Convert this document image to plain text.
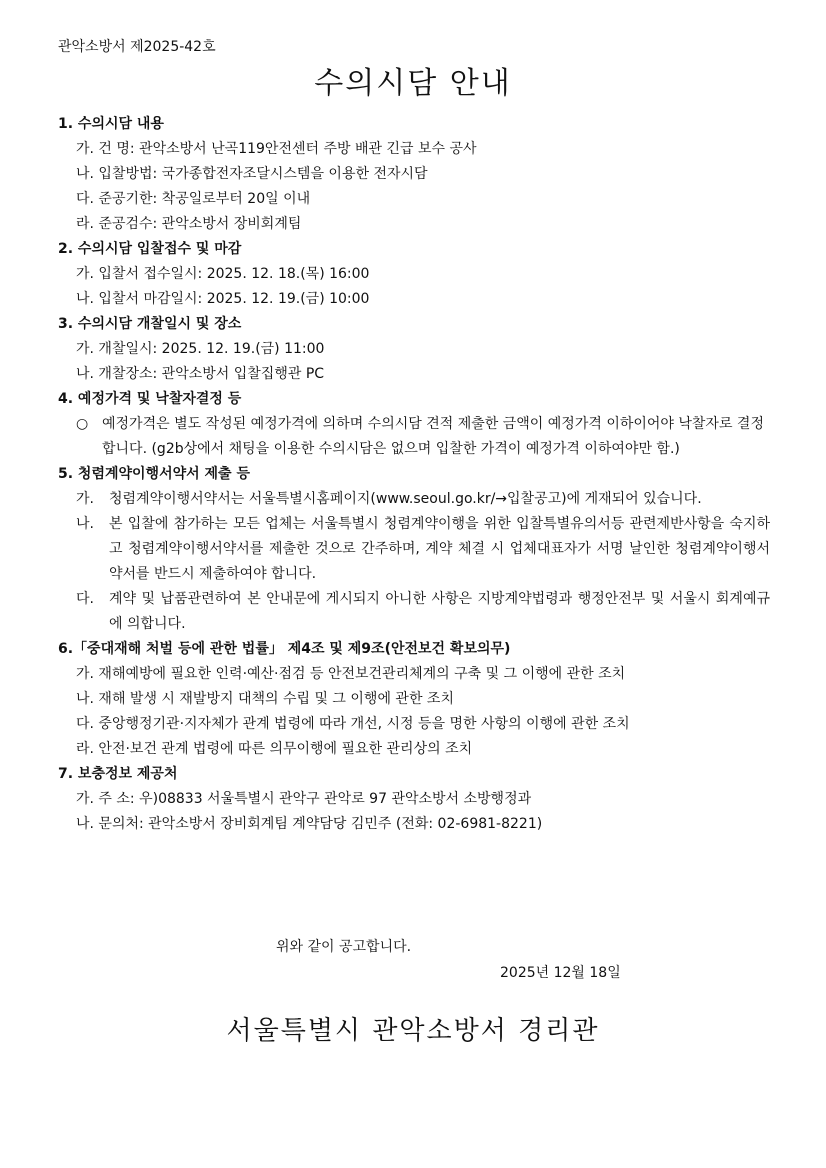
관악소방서 제2025-42호
수의시담 안내
1. 수의시담 내용
가. 건 명: 관악소방서 난곡119안전센터 주방 배관 긴급 보수 공사
나. 입찰방법: 국가종합전자조달시스템을 이용한 전자시담
다. 준공기한: 착공일로부터 20일 이내
라. 준공검수: 관악소방서 장비회계팀
2. 수의시담 입찰접수 및 마감
가. 입찰서 접수일시: 2025. 12. 18.(목) 16:00
나. 입찰서 마감일시: 2025. 12. 19.(금) 10:00
3. 수의시담 개찰일시 및 장소
가. 개찰일시: 2025. 12. 19.(금) 11:00
나. 개찰장소: 관악소방서 입찰집행관 PC
4. 예정가격 및 낙찰자결정 등
○ 예정가격은 별도 작성된 예정가격에 의하며 수의시담 견적 제출한 금액이 예정가격 이하이어야 낙찰자로 결정합니다. (g2b상에서 채팅을 이용한 수의시담은 없으며 입찰한 가격이 예정가격 이하여야만 함.)
5. 청렴계약이행서약서 제출 등
가. 청렴계약이행서약서는 서울특별시홈페이지(www.seoul.go.kr/→입찰공고)에 게재되어 있습니다.
나. 본 입찰에 참가하는 모든 업체는 서울특별시 청렴계약이행을 위한 입찰특별유의서등 관련제반사항을 숙지하고 청렴계약이행서약서를 제출한 것으로 간주하며, 계약 체결 시 업체대표자가 서명 날인한 청렴계약이행서약서를 반드시 제출하여야 합니다.
다. 계약 및 납품관련하여 본 안내문에 게시되지 아니한 사항은 지방계약법령과 행정안전부 및 서울시 회계예규에 의합니다.
6.「중대재해 처벌 등에 관한 법률」 제4조 및 제9조(안전보건 확보의무)
가. 재해예방에 필요한 인력·예산·점검 등 안전보건관리체계의 구축 및 그 이행에 관한 조치
나. 재해 발생 시 재발방지 대책의 수립 및 그 이행에 관한 조치
다. 중앙행정기관·지자체가 관계 법령에 따라 개선, 시정 등을 명한 사항의 이행에 관한 조치
라. 안전·보건 관계 법령에 따른 의무이행에 필요한 관리상의 조치
7. 보충정보 제공처
가. 주 소: 우)08833 서울특별시 관악구 관악로 97 관악소방서 소방행정과
나. 문의처: 관악소방서 장비회계팀 계약담당 김민주 (전화: 02-6981-8221)
위와 같이 공고합니다.
2025년 12월 18일
서울특별시 관악소방서 경리관
